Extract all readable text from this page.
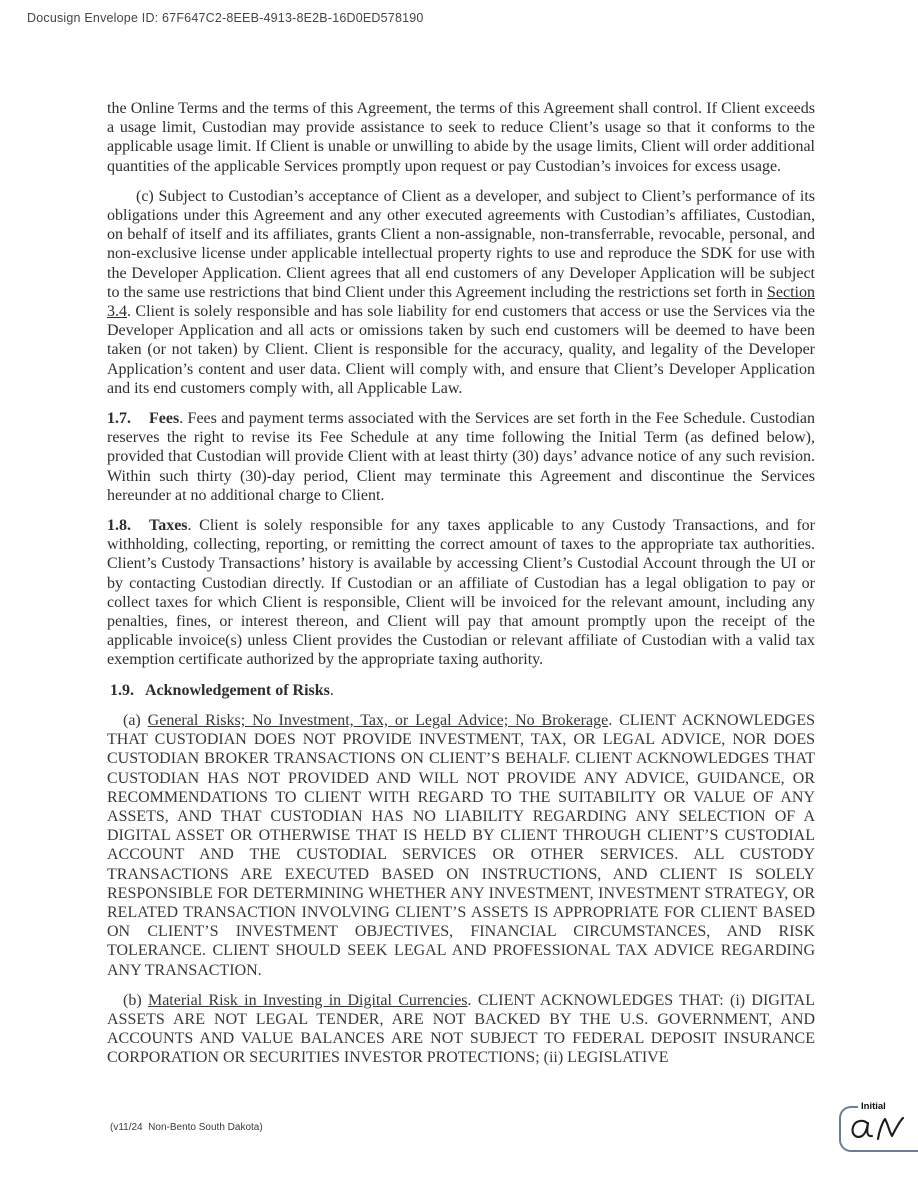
Docusign Envelope ID: 67F647C2-8EEB-4913-8E2B-16D0ED578190

the Online Terms and the terms of this Agreement, the terms of this Agreement shall control. If Client exceeds a usage limit, Custodian may provide assistance to seek to reduce Client’s usage so that it conforms to the applicable usage limit. If Client is unable or unwilling to abide by the usage limits, Client will order additional quantities of the applicable Services promptly upon request or pay Custodian’s invoices for excess usage.

(c) Subject to Custodian’s acceptance of Client as a developer, and subject to Client’s performance of its obligations under this Agreement and any other executed agreements with Custodian’s affiliates, Custodian, on behalf of itself and its affiliates, grants Client a non-assignable, non-transferrable, revocable, personal, and non-exclusive license under applicable intellectual property rights to use and reproduce the SDK for use with the Developer Application. Client agrees that all end customers of any Developer Application will be subject to the same use restrictions that bind Client under this Agreement including the restrictions set forth in Section 3.4. Client is solely responsible and has sole liability for end customers that access or use the Services via the Developer Application and all acts or omissions taken by such end customers will be deemed to have been taken (or not taken) by Client. Client is responsible for the accuracy, quality, and legality of the Developer Application’s content and user data. Client will comply with, and ensure that Client’s Developer Application and its end customers comply with, all Applicable Law.

1.7. Fees. Fees and payment terms associated with the Services are set forth in the Fee Schedule. Custodian reserves the right to revise its Fee Schedule at any time following the Initial Term (as defined below), provided that Custodian will provide Client with at least thirty (30) days’ advance notice of any such revision. Within such thirty (30)-day period, Client may terminate this Agreement and discontinue the Services hereunder at no additional charge to Client.

1.8. Taxes. Client is solely responsible for any taxes applicable to any Custody Transactions, and for withholding, collecting, reporting, or remitting the correct amount of taxes to the appropriate tax authorities. Client’s Custody Transactions’ history is available by accessing Client’s Custodial Account through the UI or by contacting Custodian directly. If Custodian or an affiliate of Custodian has a legal obligation to pay or collect taxes for which Client is responsible, Client will be invoiced for the relevant amount, including any penalties, fines, or interest thereon, and Client will pay that amount promptly upon the receipt of the applicable invoice(s) unless Client provides the Custodian or relevant affiliate of Custodian with a valid tax exemption certificate authorized by the appropriate taxing authority.

1.9. Acknowledgement of Risks.

(a) General Risks; No Investment, Tax, or Legal Advice; No Brokerage. CLIENT ACKNOWLEDGES THAT CUSTODIAN DOES NOT PROVIDE INVESTMENT, TAX, OR LEGAL ADVICE, NOR DOES CUSTODIAN BROKER TRANSACTIONS ON CLIENT’S BEHALF. CLIENT ACKNOWLEDGES THAT CUSTODIAN HAS NOT PROVIDED AND WILL NOT PROVIDE ANY ADVICE, GUIDANCE, OR RECOMMENDATIONS TO CLIENT WITH REGARD TO THE SUITABILITY OR VALUE OF ANY ASSETS, AND THAT CUSTODIAN HAS NO LIABILITY REGARDING ANY SELECTION OF A DIGITAL ASSET OR OTHERWISE THAT IS HELD BY CLIENT THROUGH CLIENT’S CUSTODIAL ACCOUNT AND THE CUSTODIAL SERVICES OR OTHER SERVICES. ALL CUSTODY TRANSACTIONS ARE EXECUTED BASED ON INSTRUCTIONS, AND CLIENT IS SOLELY RESPONSIBLE FOR DETERMINING WHETHER ANY INVESTMENT, INVESTMENT STRATEGY, OR RELATED TRANSACTION INVOLVING CLIENT’S ASSETS IS APPROPRIATE FOR CLIENT BASED ON CLIENT’S INVESTMENT OBJECTIVES, FINANCIAL CIRCUMSTANCES, AND RISK TOLERANCE. CLIENT SHOULD SEEK LEGAL AND PROFESSIONAL TAX ADVICE REGARDING ANY TRANSACTION.

(b) Material Risk in Investing in Digital Currencies. CLIENT ACKNOWLEDGES THAT: (i) DIGITAL ASSETS ARE NOT LEGAL TENDER, ARE NOT BACKED BY THE U.S. GOVERNMENT, AND ACCOUNTS AND VALUE BALANCES ARE NOT SUBJECT TO FEDERAL DEPOSIT INSURANCE CORPORATION OR SECURITIES INVESTOR PROTECTIONS; (ii) LEGISLATIVE

(v11/24  Non-Bento South Dakota)
Initial
